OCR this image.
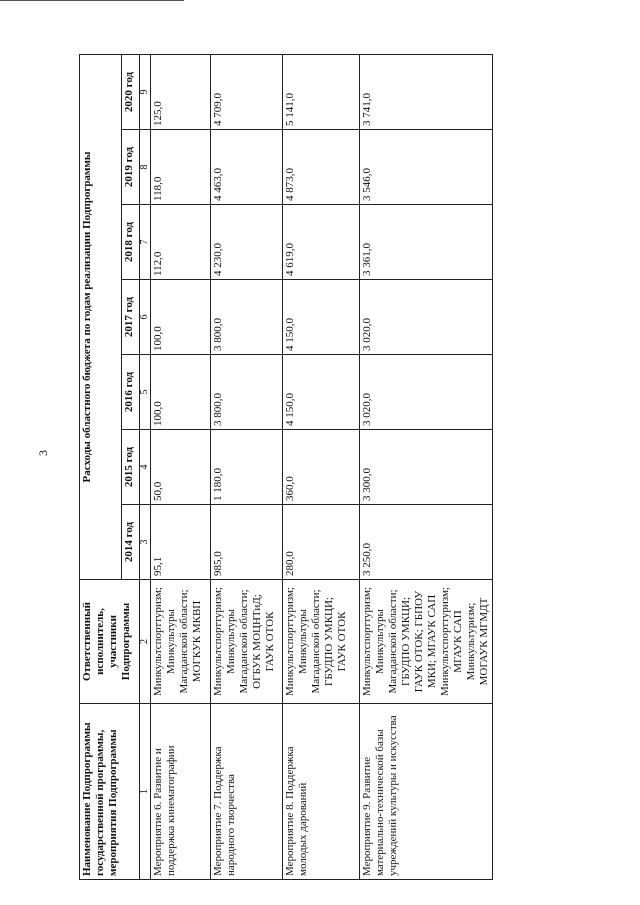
3
Наименование Подпрограммы государственной программы, мероприятия Подпрограммы	Ответственный исполнитель, участники Подпрограммы	Расходы областного бюджета по годам реализации Подпрограммы						
		2014 год	2015 год	2016 год	2017 год	2018 год	2019 год	2020 год
1	2	3	4	5	6	7	8	9
Мероприятие 6. Развитие и поддержка кинематографии	Минкультспорттуризм; Минкультуры Магаданской области; МОГКУК МКВП	95,1	50,0	100,0	100,0	112,0	118,0	125,0
Мероприятие 7. Поддержка народного творчества	Минкультспорттуризм; Минкультуры Магаданской области; ОГБУК МОЦНТиД; ГАУК ОТОК	985,0	1 180,0	3 800,0	3 800,0	4 230,0	4 463,0	4 709,0
Мероприятие 8. Поддержка молодых дарований	Минкультспорттуризм; Минкультуры Магаданской области; ГБУДПО УМКЦИ; ГАУК ОТОК	280,0	360,0	4 150,0	4 150,0	4 619,0	4 873,0	5 141,0
Мероприятие 9. Развитие материально-технической базы учреждений культуры и искусства	Минкультспорттуризм; Минкультуры Магаданской области; ГБУДПО УМКЦИ; ГАУК ОТОК; ГБПОУ МКИ; МГАУК САП Минкультспорттуризм; МГАУК САП Минкультуризм; МОГАУК МГМДТ	3 250,0	3 300,0	3 020,0	3 020,0	3 361,0	3 546,0	3 741,0
